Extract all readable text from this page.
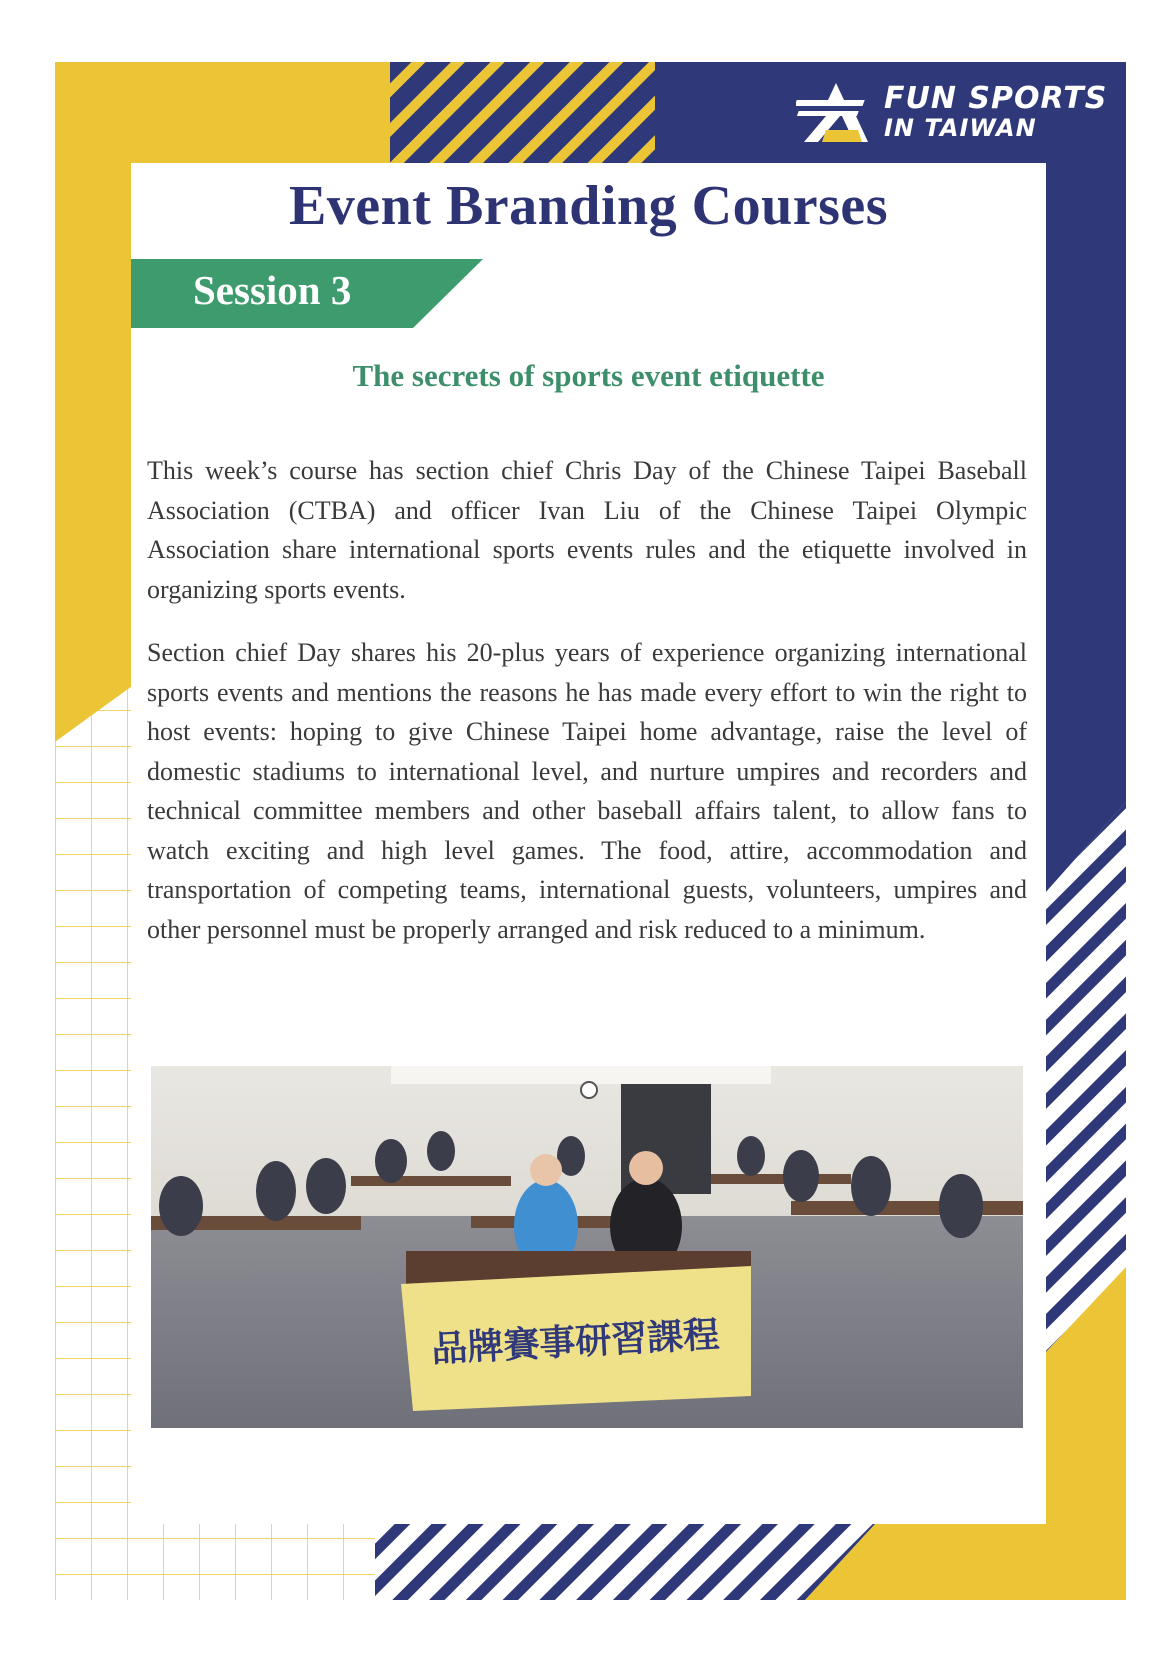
FUN SPORTS
IN TAIWAN
Event Branding Courses
Session 3
The secrets of sports event etiquette

This week’s course has section chief Chris Day of the Chinese Taipei Baseball Association (CTBA) and officer Ivan Liu of the Chinese Taipei Olympic Association share international sports events rules and the etiquette involved in organizing sports events.

Section chief Day shares his 20-plus years of experience organizing international sports events and mentions the reasons he has made every effort to win the right to host events: hoping to give Chinese Taipei home advantage, raise the level of domestic stadiums to international level, and nurture umpires and recorders and technical committee members and other baseball affairs talent, to allow fans to watch exciting and high level games. The food, attire, accommodation and transportation of competing teams, international guests, volunteers, umpires and other personnel must be properly arranged and risk reduced to a minimum.

品牌賽事研習課程
